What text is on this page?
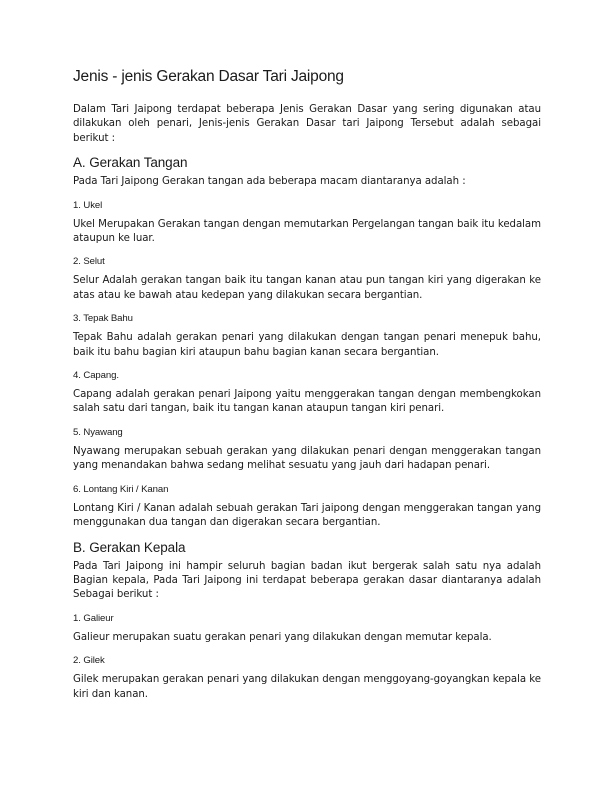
Jenis - jenis Gerakan Dasar Tari Jaipong

Dalam Tari Jaipong terdapat beberapa Jenis Gerakan Dasar yang sering digunakan atau dilakukan oleh penari, Jenis-jenis Gerakan Dasar tari Jaipong Tersebut adalah sebagai berikut :

A. Gerakan Tangan

Pada Tari Jaipong Gerakan tangan ada beberapa macam diantaranya adalah :

1. Ukel

Ukel Merupakan Gerakan tangan dengan memutarkan Pergelangan tangan baik itu kedalam ataupun ke luar.

2. Selut

Selur Adalah gerakan tangan baik itu tangan kanan atau pun tangan kiri yang digerakan ke atas atau ke bawah atau kedepan yang dilakukan secara bergantian.

3. Tepak Bahu

Tepak Bahu adalah gerakan penari yang dilakukan dengan tangan penari menepuk bahu, baik itu bahu bagian kiri ataupun bahu bagian kanan secara bergantian.

4. Capang.

Capang adalah gerakan penari Jaipong yaitu menggerakan tangan dengan membengkokan salah satu dari tangan, baik itu tangan kanan ataupun tangan kiri penari.

5. Nyawang

Nyawang merupakan sebuah gerakan yang dilakukan penari dengan menggerakan tangan yang menandakan bahwa sedang melihat sesuatu yang jauh dari hadapan penari.

6. Lontang Kiri / Kanan

Lontang Kiri / Kanan adalah sebuah gerakan Tari jaipong dengan menggerakan tangan yang menggunakan dua tangan dan digerakan secara bergantian.

B. Gerakan Kepala

Pada Tari Jaipong ini hampir seluruh bagian badan ikut bergerak salah satu nya adalah Bagian kepala, Pada Tari Jaipong ini terdapat beberapa gerakan dasar diantaranya adalah Sebagai berikut :

1. Galieur

Galieur merupakan suatu gerakan penari yang dilakukan dengan memutar kepala.

2. Gilek

Gilek merupakan gerakan penari yang dilakukan dengan menggoyang-goyangkan kepala ke kiri dan kanan.
